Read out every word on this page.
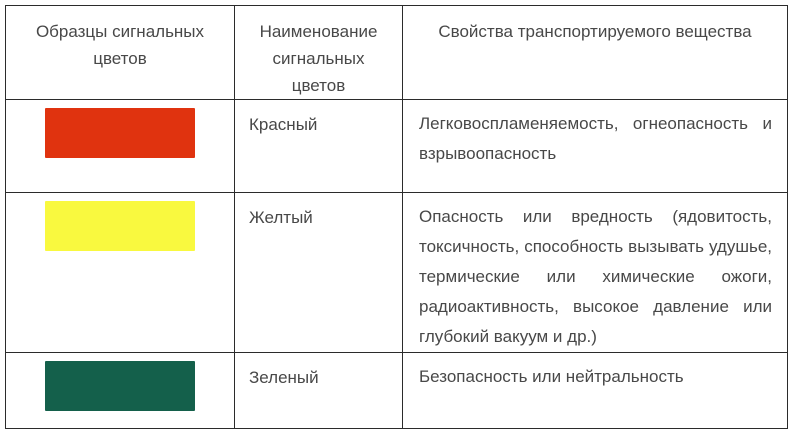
Образцы сигнальных цветов	Наименование сигнальных цветов	Свойства транспортируемого вещества

	Красный	Легковоспламеняемость, огнеопасность и взрывоопасность

	Желтый	Опасность или вредность (ядовитость, токсичность, способность вызывать удушье, термические или химические ожоги, радиоактивность, высокое давление или глубокий вакуум и др.)

	Зеленый	Безопасность или нейтральность
